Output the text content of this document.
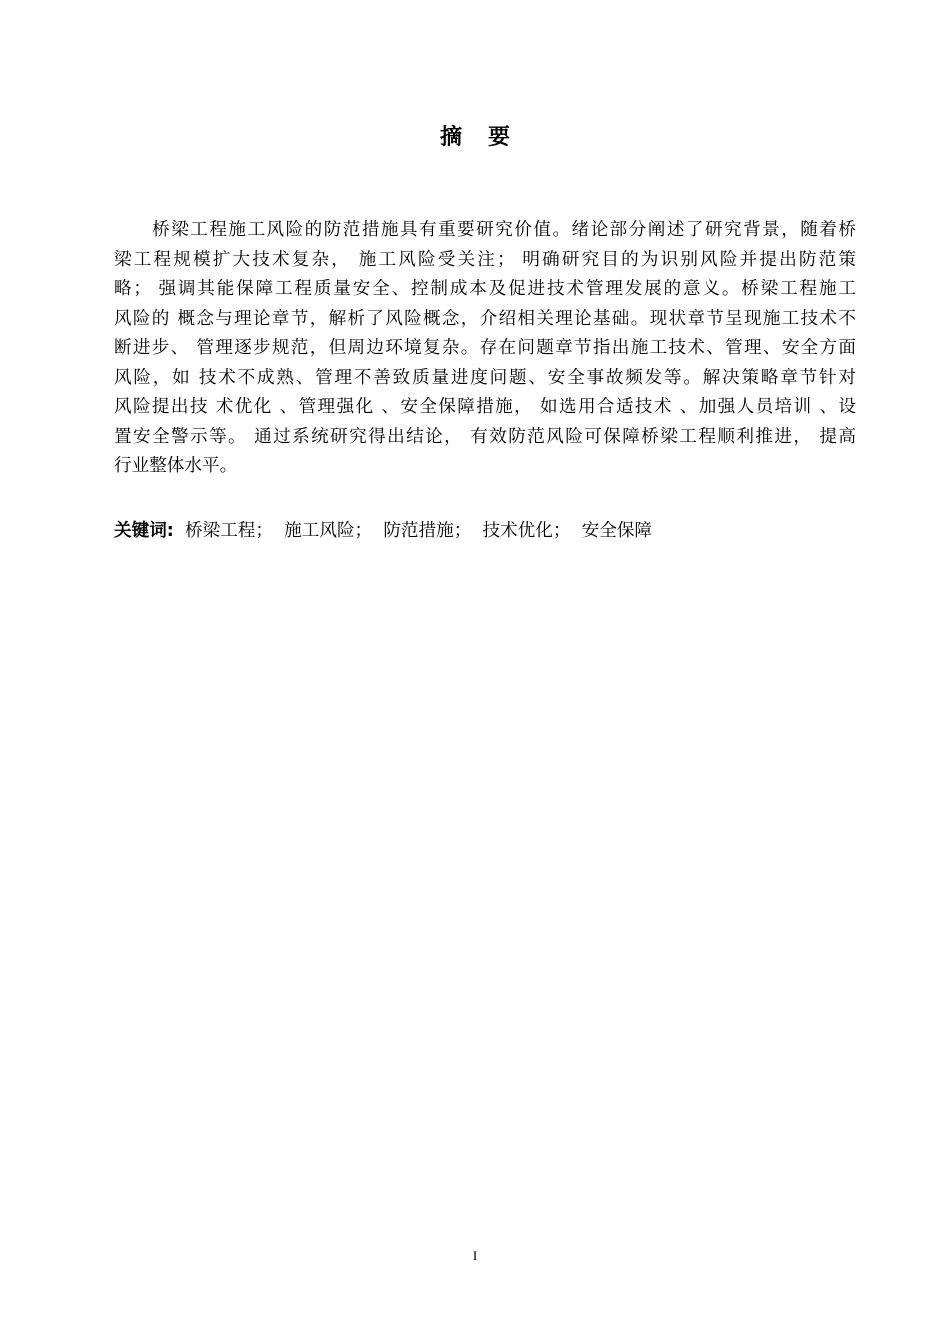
摘 要
　　桥梁工程施工风险的防范措施具有重要研究价值。绪论部分阐述了研究背景，随着桥
梁工程规模扩大技术复杂， 施工风险受关注； 明确研究目的为识别风险并提出防范策
略； 强调其能保障工程质量安全、控制成本及促进技术管理发展的意义。桥梁工程施工
风险的 概念与理论章节，解析了风险概念，介绍相关理论基础。现状章节呈现施工技术不
断进步、 管理逐步规范，但周边环境复杂。存在问题章节指出施工技术、管理、安全方面
风险，如 技术不成熟、管理不善致质量进度问题、安全事故频发等。解决策略章节针对
风险提出技 术优化 、管理强化 、安全保障措施， 如选用合适技术 、加强人员培训 、设
置安全警示等。 通过系统研究得出结论， 有效防范风险可保障桥梁工程顺利推进， 提高
行业整体水平。
关键词:  桥梁工程；  施工风险；  防范措施；  技术优化；  安全保障
I
